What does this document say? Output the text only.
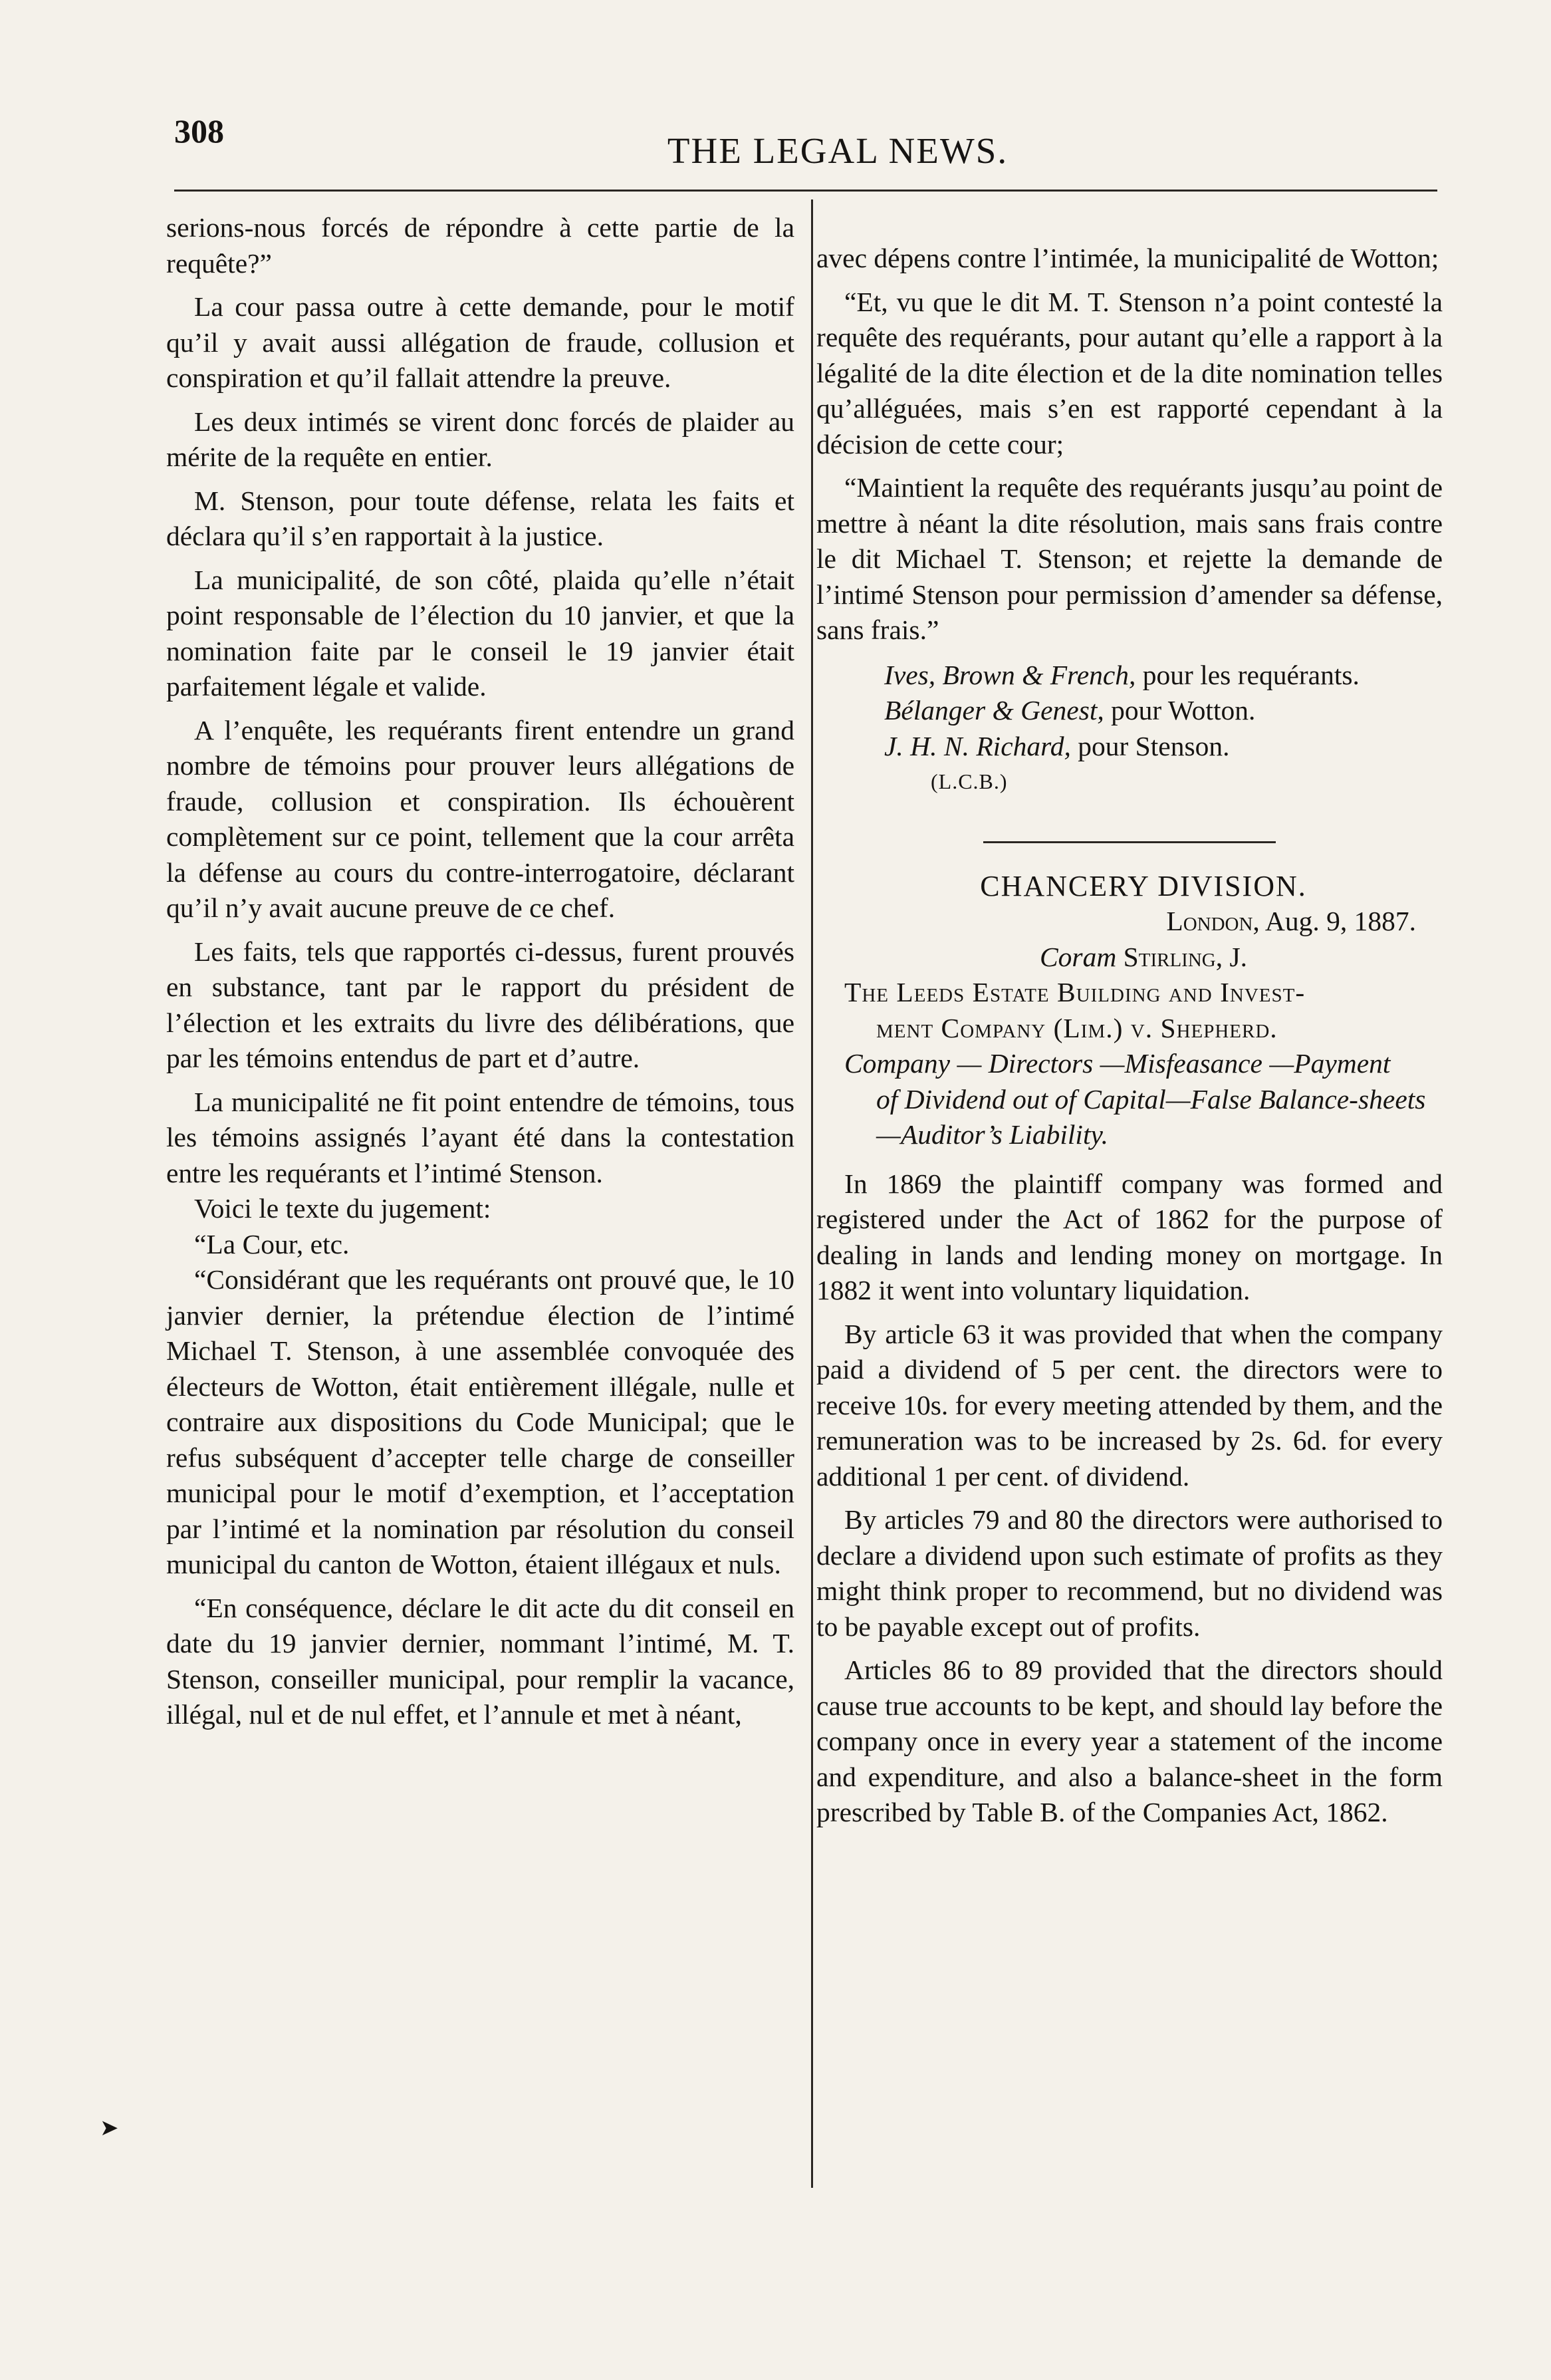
308	THE LEGAL NEWS.

➤

serions-nous forcés de répondre à cette partie de la requête?”

La cour passa outre à cette demande, pour le motif qu’il y avait aussi allégation de fraude, collusion et conspiration et qu’il fallait attendre la preuve.

Les deux intimés se virent donc forcés de plaider au mérite de la requête en entier.

M. Stenson, pour toute défense, relata les faits et déclara qu’il s’en rapportait à la justice.

La municipalité, de son côté, plaida qu’elle n’était point responsable de l’élection du 10 janvier, et que la nomination faite par le conseil le 19 janvier était parfaitement légale et valide.

A l’enquête, les requérants firent entendre un grand nombre de témoins pour prouver leurs allégations de fraude, collusion et conspiration. Ils échouèrent complètement sur ce point, tellement que la cour arrêta la défense au cours du contre-interrogatoire, déclarant qu’il n’y avait aucune preuve de ce chef.

Les faits, tels que rapportés ci-dessus, furent prouvés en substance, tant par le rapport du président de l’élection et les extraits du livre des délibérations, que par les témoins entendus de part et d’autre.

La municipalité ne fit point entendre de témoins, tous les témoins assignés l’ayant été dans la contestation entre les requérants et l’intimé Stenson.

Voici le texte du jugement:

“La Cour, etc.

“Considérant que les requérants ont prouvé que, le 10 janvier dernier, la prétendue élection de l’intimé Michael T. Stenson, à une assemblée convoquée des électeurs de Wotton, était entièrement illégale, nulle et contraire aux dispositions du Code Municipal; que le refus subséquent d’accepter telle charge de conseiller municipal pour le motif d’exemption, et l’acceptation par l’intimé et la nomination par résolution du conseil municipal du canton de Wotton, étaient illégaux et nuls.

“En conséquence, déclare le dit acte du dit conseil en date du 19 janvier dernier, nommant l’intimé, M. T. Stenson, conseiller municipal, pour remplir la vacance, illégal, nul et de nul effet, et l’annule et met à néant,

avec dépens contre l’intimée, la municipalité de Wotton;

“Et, vu que le dit M. T. Stenson n’a point contesté la requête des requérants, pour autant qu’elle a rapport à la légalité de la dite élection et de la dite nomination telles qu’alléguées, mais s’en est rapporté cependant à la décision de cette cour;

“Maintient la requête des requérants jusqu’au point de mettre à néant la dite résolution, mais sans frais contre le dit Michael T. Stenson; et rejette la demande de l’intimé Stenson pour permission d’amender sa défense, sans frais.”

Ives, Brown & French, pour les requérants.

Bélanger & Genest, pour Wotton.

J. H. N. Richard, pour Stenson.

(L.C.B.)

CHANCERY DIVISION.

London, Aug. 9, 1887.

Coram Stirling, J.

The Leeds Estate Building and Invest-
ment Company (Lim.) v. Shepherd.

Company — Directors —Misfeasance —Payment
of Dividend out of Capital—False Balance-sheets—Auditor’s Liability.

In 1869 the plaintiff company was formed and registered under the Act of 1862 for the purpose of dealing in lands and lending money on mortgage. In 1882 it went into voluntary liquidation.

By article 63 it was provided that when the company paid a dividend of 5 per cent. the directors were to receive 10s. for every meeting attended by them, and the remuneration was to be increased by 2s. 6d. for every additional 1 per cent. of dividend.

By articles 79 and 80 the directors were authorised to declare a dividend upon such estimate of profits as they might think proper to recommend, but no dividend was to be payable except out of profits.

Articles 86 to 89 provided that the directors should cause true accounts to be kept, and should lay before the company once in every year a statement of the income and expenditure, and also a balance-sheet in the form prescribed by Table B. of the Companies Act, 1862.
